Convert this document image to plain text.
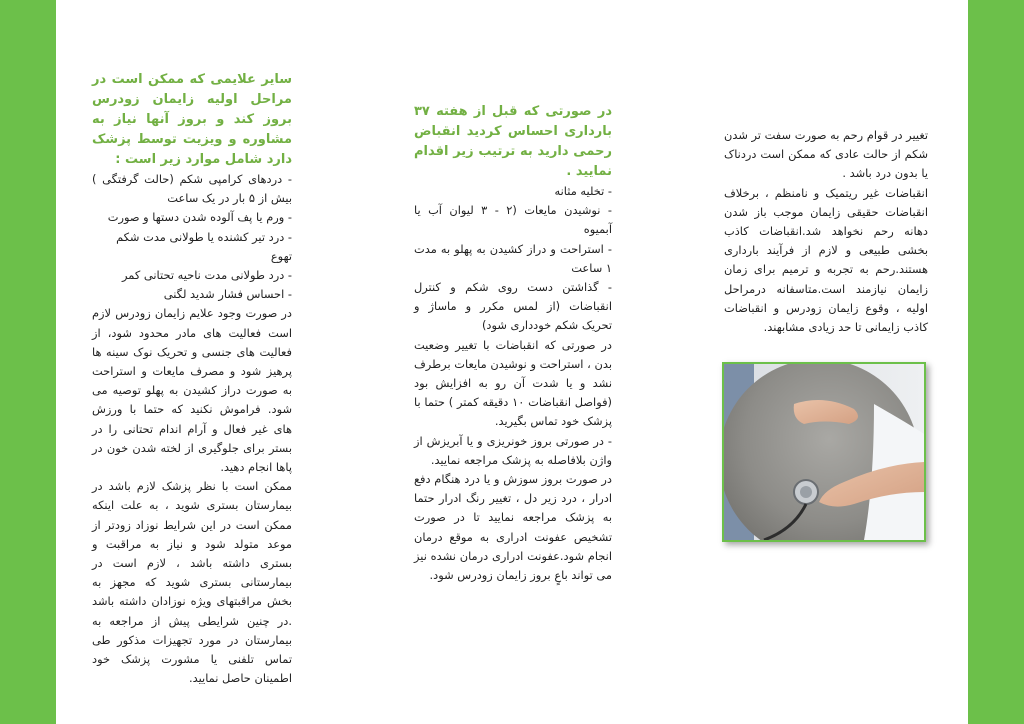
سایر علایمی که ممکن است در مراحل اولیه زایمان زودرس بروز کند و بروز آنها نیاز به مشاوره و ویزیت توسط پزشک دارد شامل موارد زیر است :

- دردهای کرامپی شکم (حالت گرفتگی ) بیش از ۵ بار در یک ساعت

- ورم یا پف آلوده شدن دستها و صورت

- درد تیر کشنده یا طولانی مدت شکم

تهوع

- درد طولانی مدت ناحیه تحتانی کمر

- احساس فشار شدید لگنی

در صورت وجود علایم زایمان زودرس لازم است فعالیت های مادر محدود شود، از فعالیت های جنسی و تحریک نوک سینه ها پرهیز شود و مصرف مایعات و استراحت به صورت دراز کشیدن به پهلو توصیه می شود. فراموش نکنید که حتما با ورزش های غیر فعال و آرام اندام تحتانی را در بستر برای جلوگیری از لخته شدن خون در پاها انجام دهید.

ممکن است با نظر پزشک لازم باشد در بیمارستان بستری شوید ، به علت اینکه ممکن است در این شرایط نوزاد زودتر از موعد متولد شود و نیاز به مراقبت و بستری داشته باشد ، لازم است در بیمارستانی بستری شوید که مجهز به بخش مراقبتهای ویژه نوزادان داشته باشد .در چنین شرایطی پیش از مراجعه به بیمارستان در مورد تجهیزات مذکور طی تماس تلفنی یا مشورت پزشک خود اطمینان حاصل نمایید.

در صورتی که قبل از هفته ۳۷ بارداری احساس کردید انقباض رحمی دارید به ترتیب زیر اقدام نمایید .

- تخلیه مثانه

- نوشیدن مایعات (۲ - ۳ لیوان آب یا آبمیوه

- استراحت و دراز کشیدن به پهلو به مدت ۱ ساعت

- گذاشتن دست روی شکم و کنترل انقباضات (از لمس مکرر و ماساژ و تحریک شکم خودداری شود)

در صورتی که انقباضات با تغییر وضعیت بدن ، استراحت و نوشیدن مایعات برطرف نشد و یا شدت آن رو به افزایش بود (فواصل انقباضات ۱۰ دقیقه کمتر ) حتما با پزشک خود تماس بگیرید.

- در صورتی بروز خونریزی و یا آبریزش از واژن بلافاصله به پزشک مراجعه نمایید.

در صورت بروز سوزش و یا درد هنگام دفع ادرار ، درد زیر دل ، تغییر رنگ ادرار حتما به پزشک مراجعه نمایید تا در صورت تشخیص عفونت ادراری به موقع درمان انجام شود.عفونت ادراری درمان نشده نیز می تواند باعٍ بروز زایمان زودرس شود.

تغییر در قوام رحم به صورت سفت تر شدن شکم از حالت عادی که ممکن است دردناک یا بدون درد باشد .

انقباضات غیر ریتمیک و نامنظم ، برخلاف انقباضات حقیقی زایمان موجب باز شدن دهانه رحم نخواهد شد.انقباضات کاذب بخشی طبیعی و لازم از فرآیند بارداری هستند.رحم به تجربه و ترمیم برای زمان زایمان نیازمند است.متاسفانه درمراحل اولیه ، وقوع زایمان زودرس و انقباضات کاذب زایمانی تا حد زیادی مشابهند.
